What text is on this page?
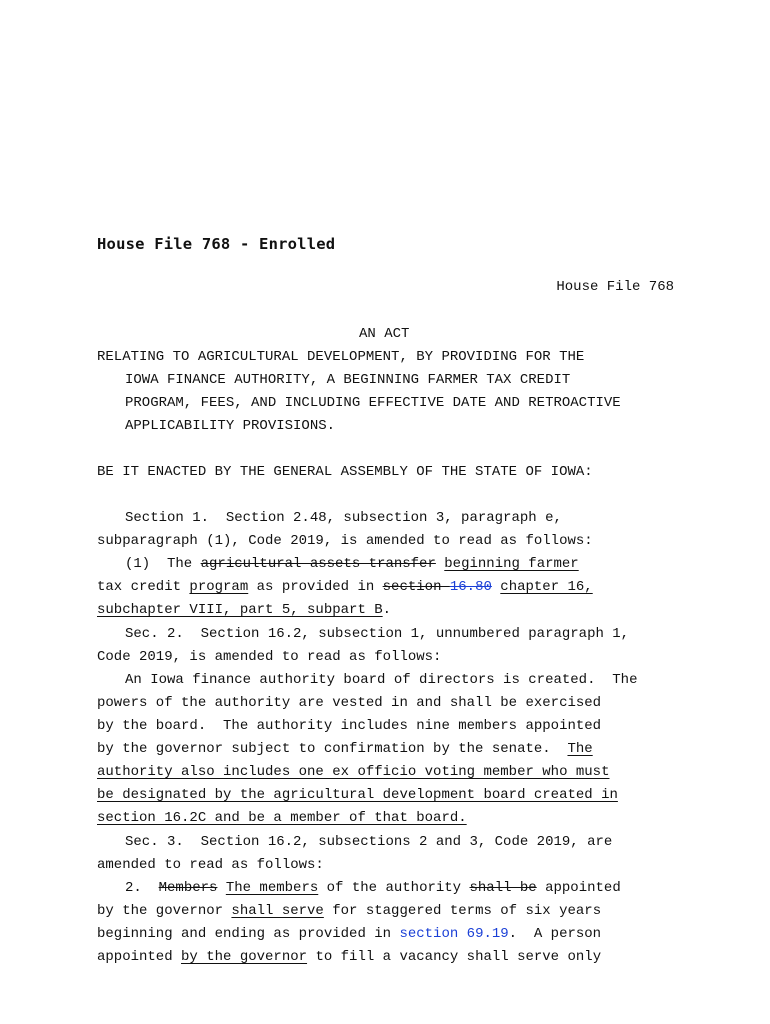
House File 768 - Enrolled
House File 768
AN ACT
RELATING TO AGRICULTURAL DEVELOPMENT, BY PROVIDING FOR THE
IOWA FINANCE AUTHORITY, A BEGINNING FARMER TAX CREDIT
PROGRAM, FEES, AND INCLUDING EFFECTIVE DATE AND RETROACTIVE
APPLICABILITY PROVISIONS.
BE IT ENACTED BY THE GENERAL ASSEMBLY OF THE STATE OF IOWA:
Section 1.  Section 2.48, subsection 3, paragraph e,
subparagraph (1), Code 2019, is amended to read as follows:
(1)  The agricultural assets transfer beginning farmer
tax credit program as provided in section 16.80 chapter 16,
subchapter VIII, part 5, subpart B.
Sec. 2.  Section 16.2, subsection 1, unnumbered paragraph 1,
Code 2019, is amended to read as follows:
An Iowa finance authority board of directors is created.  The
powers of the authority are vested in and shall be exercised
by the board.  The authority includes nine members appointed
by the governor subject to confirmation by the senate.  The
authority also includes one ex officio voting member who must
be designated by the agricultural development board created in
section 16.2C and be a member of that board.
Sec. 3.  Section 16.2, subsections 2 and 3, Code 2019, are
amended to read as follows:
2.  Members The members of the authority shall be appointed
by the governor shall serve for staggered terms of six years
beginning and ending as provided in section 69.19.  A person
appointed by the governor to fill a vacancy shall serve only
